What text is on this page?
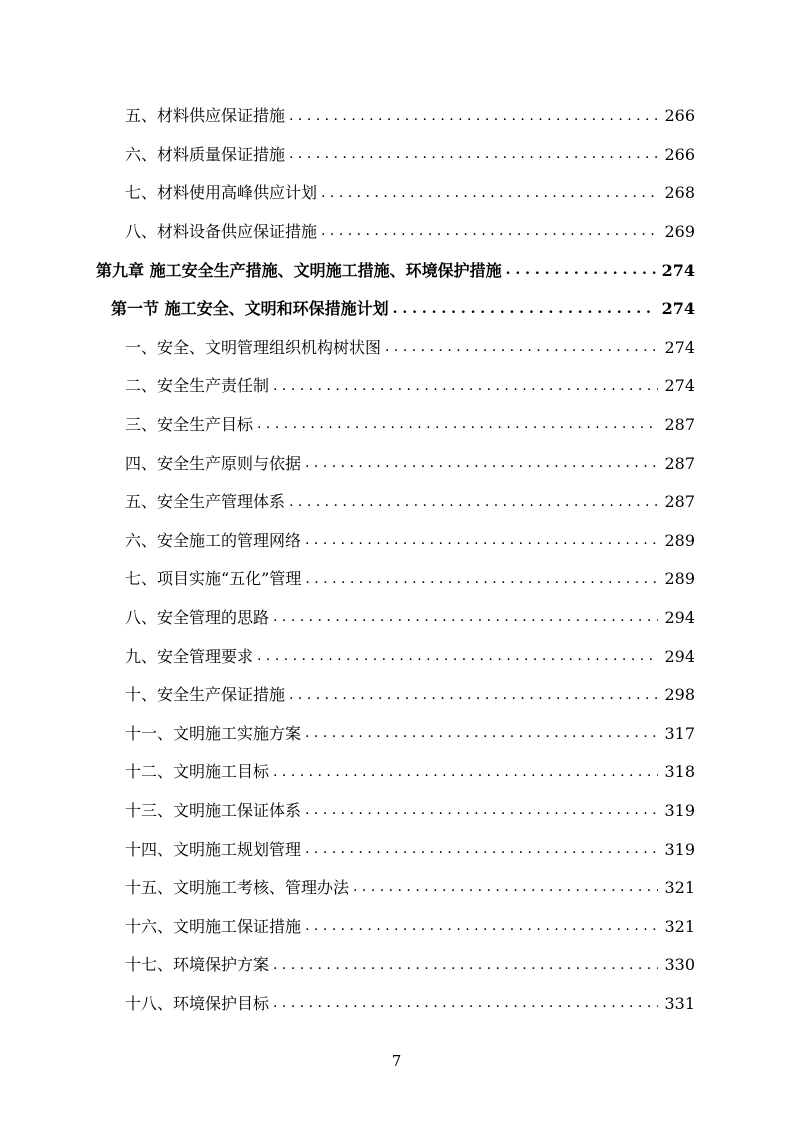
五、材料供应保证措施 . . .	266
六、材料质量保证措施 . . .	266
七、材料使用高峰供应计划 . . .	268
八、材料设备供应保证措施 . . .	269
第九章 施工安全生产措施、文明施工措施、环境保护措施 . . .	274
第一节 施工安全、文明和环保措施计划 . . .	274
一、安全、文明管理组织机构树状图 . . .	274
二、安全生产责任制 . . .	274
三、安全生产目标 . . .	287
四、安全生产原则与依据 . . .	287
五、安全生产管理体系 . . .	287
六、安全施工的管理网络 . . .	289
七、项目实施“五化”管理 . . .	289
八、安全管理的思路 . . .	294
九、安全管理要求 . . .	294
十、安全生产保证措施 . . .	298
十一、文明施工实施方案 . . .	317
十二、文明施工目标 . . .	318
十三、文明施工保证体系 . . .	319
十四、文明施工规划管理 . . .	319
十五、文明施工考核、管理办法 . . .	321
十六、文明施工保证措施 . . .	321
十七、环境保护方案 . . .	330
十八、环境保护目标 . . .	331
7
